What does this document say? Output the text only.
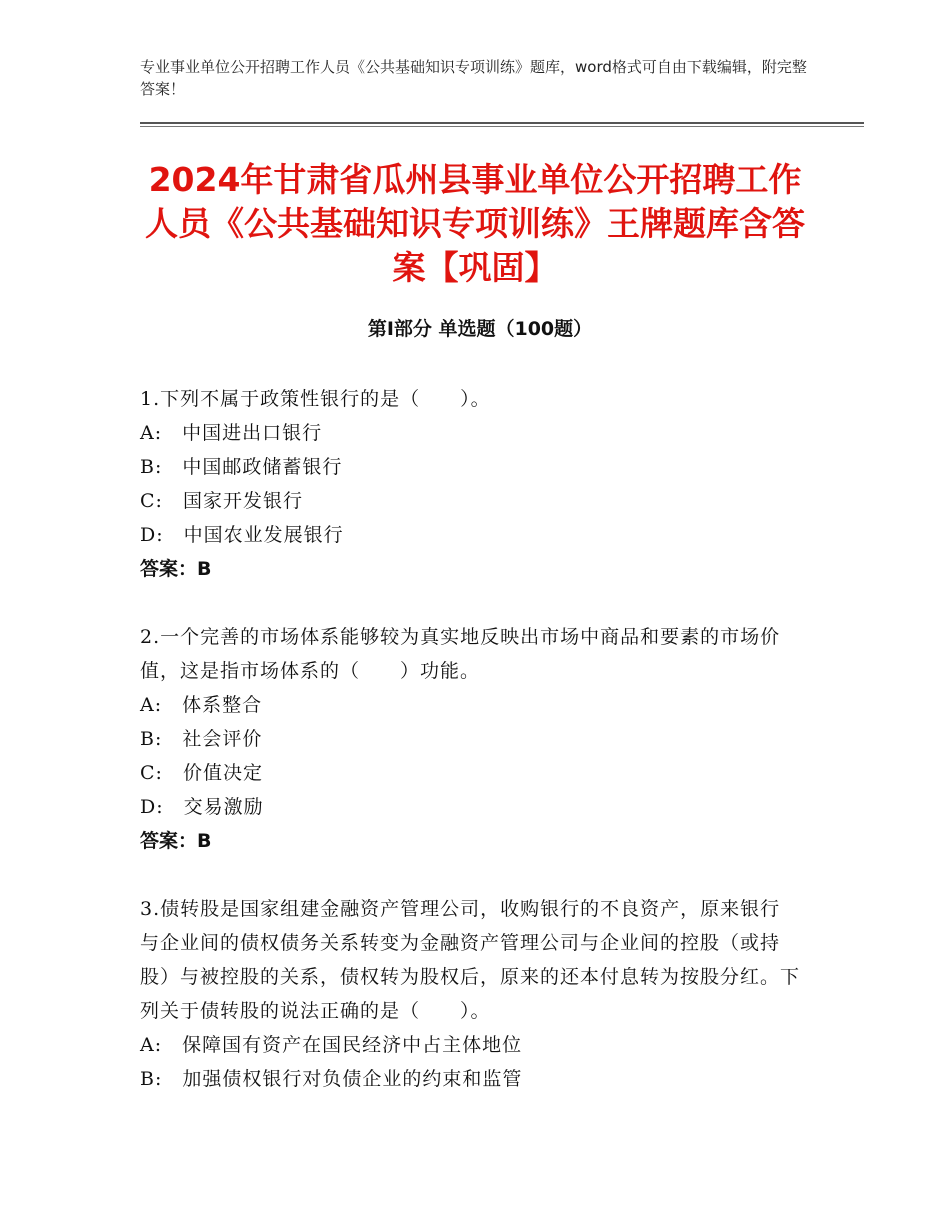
专业事业单位公开招聘工作人员《公共基础知识专项训练》题库，word格式可自由下载编辑，附完整答案！
2024年甘肃省瓜州县事业单位公开招聘工作人员《公共基础知识专项训练》王牌题库含答案【巩固】
第Ⅰ部分 单选题（100题）
1.下列不属于政策性银行的是（　　）。
A:　中国进出口银行
B:　中国邮政储蓄银行
C:　国家开发银行
D:　中国农业发展银行
答案：B
2.一个完善的市场体系能够较为真实地反映出市场中商品和要素的市场价值，这是指市场体系的（　　）功能。
A:　体系整合
B:　社会评价
C:　价值决定
D:　交易激励
答案：B
3.债转股是国家组建金融资产管理公司，收购银行的不良资产，原来银行与企业间的债权债务关系转变为金融资产管理公司与企业间的控股（或持股）与被控股的关系，债权转为股权后，原来的还本付息转为按股分红。下列关于债转股的说法正确的是（　　）。
A:　保障国有资产在国民经济中占主体地位
B:　加强债权银行对负债企业的约束和监管
